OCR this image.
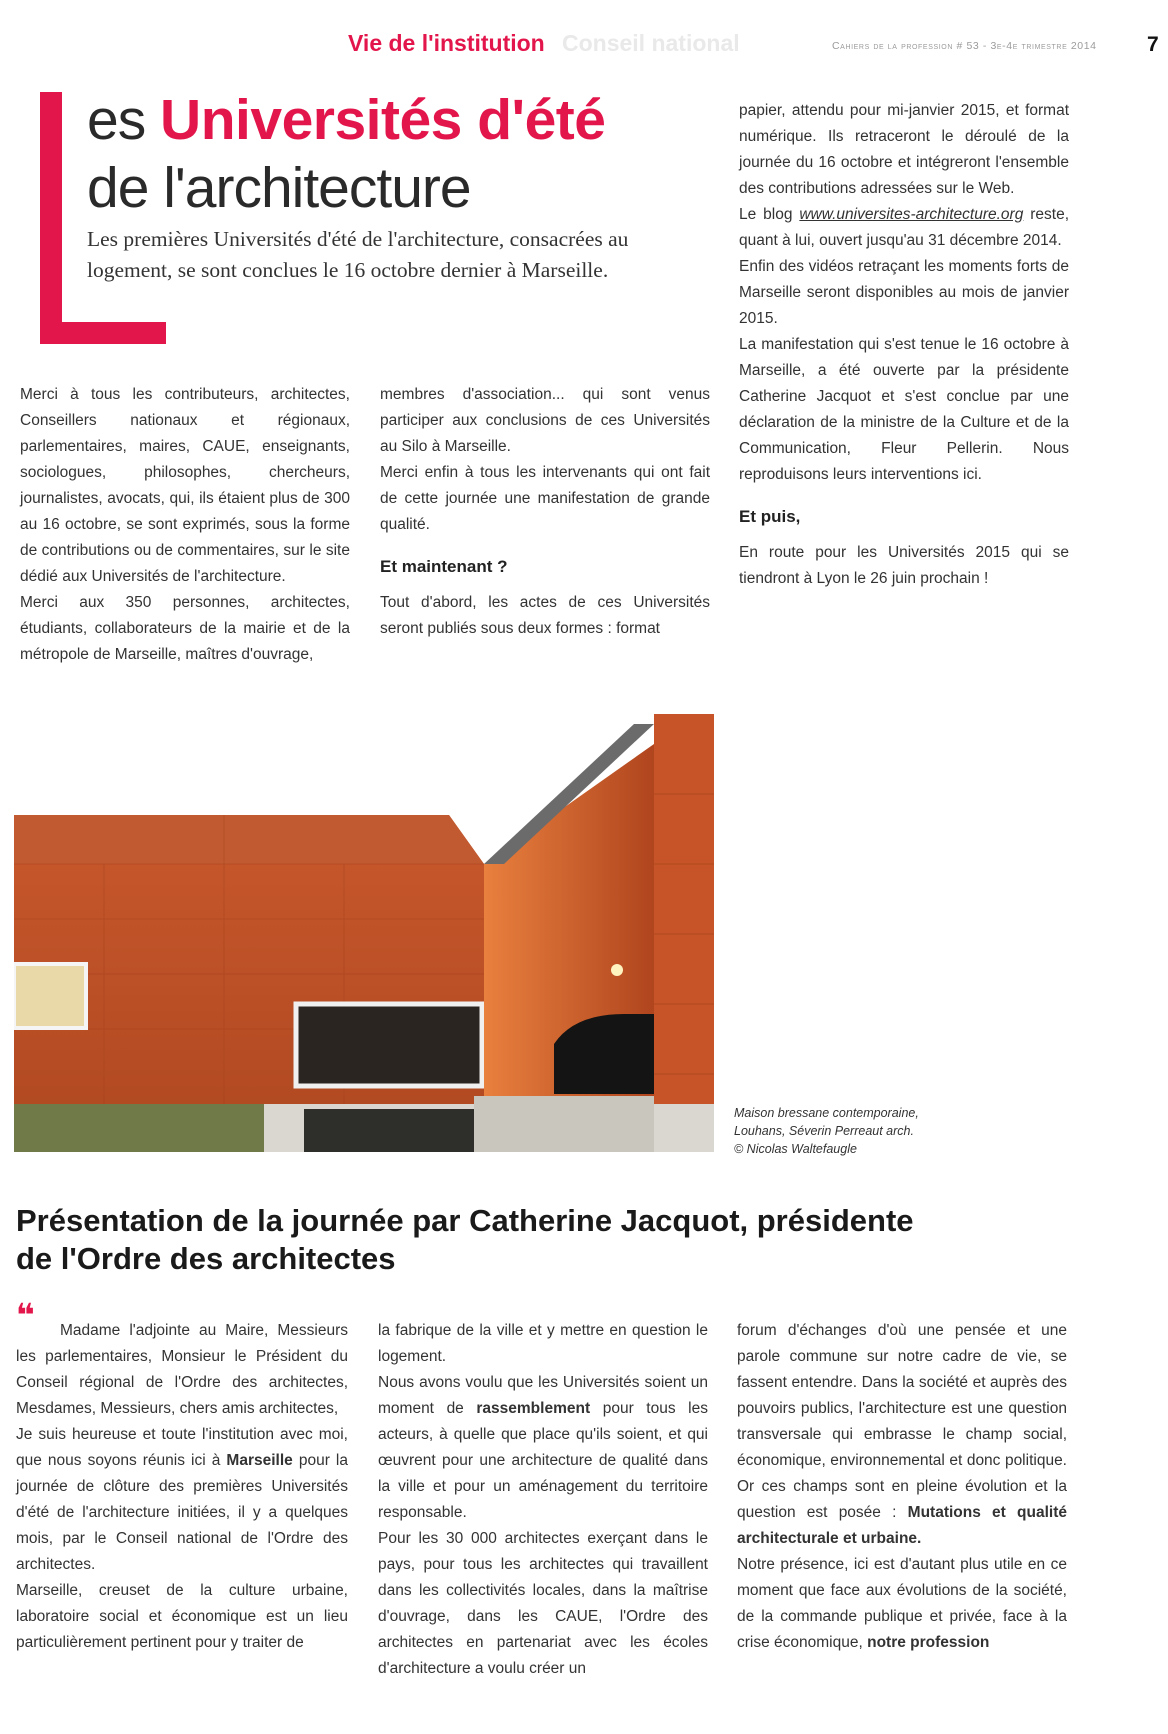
Vie de l'institution Conseil national	Cahiers de la profession # 53 - 3e-4e trimestre 2014 7
es Universités d'été
de l'architecture
Les premières Universités d'été de l'architecture, consacrées au logement, se sont conclues le 16 octobre dernier à Marseille.

Merci à tous les contributeurs, architectes, Conseillers nationaux et régionaux, parlementaires, maires, CAUE, enseignants, sociologues, philosophes, chercheurs, journalistes, avocats, qui, ils étaient plus de 300 au 16 octobre, se sont exprimés, sous la forme de contributions ou de commentaires, sur le site dédié aux Universités de l'architecture.

Merci aux 350 personnes, architectes, étudiants, collaborateurs de la mairie et de la métropole de Marseille, maîtres d'ouvrage,

membres d'association... qui sont venus participer aux conclusions de ces Universités au Silo à Marseille.

Merci enfin à tous les intervenants qui ont fait de cette journée une manifestation de grande qualité.

Et maintenant ?

Tout d'abord, les actes de ces Universités seront publiés sous deux formes : format

papier, attendu pour mi-janvier 2015, et format numérique. Ils retraceront le déroulé de la journée du 16 octobre et intégreront l'ensemble des contributions adressées sur le Web.

Le blog www.universites-architecture.org reste, quant à lui, ouvert jusqu'au 31 décembre 2014.

Enfin des vidéos retraçant les moments forts de Marseille seront disponibles au mois de janvier 2015.

La manifestation qui s'est tenue le 16 octobre à Marseille, a été ouverte par la présidente Catherine Jacquot et s'est conclue par une déclaration de la ministre de la Culture et de la Communication, Fleur Pellerin. Nous reproduisons leurs interventions ici.

Et puis,

En route pour les Universités 2015 qui se tiendront à Lyon le 26 juin prochain !

Maison bressane contemporaine,
Louhans, Séverin Perreaut arch.
© Nicolas Waltefaugle
Présentation de la journée par Catherine Jacquot, présidente de l'Ordre des architectes
❝	Madame l'adjointe au Maire, Messieurs les parlementaires, Monsieur le Président du Conseil régional de l'Ordre des architectes, Mesdames, Messieurs, chers amis architectes,

Je suis heureuse et toute l'institution avec moi, que nous soyons réunis ici à Marseille pour la journée de clôture des premières Universités d'été de l'architecture initiées, il y a quelques mois, par le Conseil national de l'Ordre des architectes.

Marseille, creuset de la culture urbaine, laboratoire social et économique est un lieu particulièrement pertinent pour y traiter de

la fabrique de la ville et y mettre en question le logement.

Nous avons voulu que les Universités soient un moment de rassemblement pour tous les acteurs, à quelle que place qu'ils soient, et qui œuvrent pour une architecture de qualité dans la ville et pour un aménagement du territoire responsable.

Pour les 30 000 architectes exerçant dans le pays, pour tous les architectes qui travaillent dans les collectivités locales, dans la maîtrise d'ouvrage, dans les CAUE, l'Ordre des architectes en partenariat avec les écoles d'architecture a voulu créer un

forum d'échanges d'où une pensée et une parole commune sur notre cadre de vie, se fassent entendre. Dans la société et auprès des pouvoirs publics, l'architecture est une question transversale qui embrasse le champ social, économique, environnemental et donc politique. Or ces champs sont en pleine évolution et la question est posée : Mutations et qualité architecturale et urbaine.

Notre présence, ici est d'autant plus utile en ce moment que face aux évolutions de la société, de la commande publique et privée, face à la crise économique, notre profession
